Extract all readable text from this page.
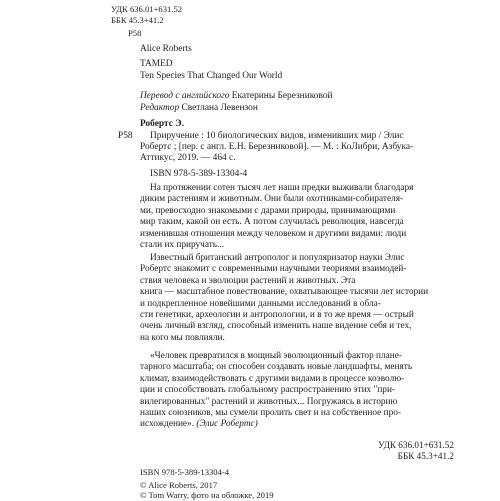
УДК 636.01+631.52
ББК 45.3+41.2
Р58
Alice Roberts
TAMED
Ten Species That Changed Our World
Перевод с английского Екатерины Березниковой
Редактор Светлана Левензон
Робертс Э.
Р58 Приручение : 10 биологических видов, изменивших мир / Элис
Робертс ; [пер. с англ. Е.Н. Березниковой]. — М. : КоЛибри, Азбука-
Аттикус, 2019. — 464 с.
ISBN 978-5-389-13304-4
На протяжении сотен тысяч лет наши предки выживали благодаря
диким растениям и животным. Они были охотниками-собирателя-
ми, превосходно знакомыми с дарами природы, принимающими
мир таким, какой он есть. А потом случилась революция, навсегда
изменившая отношения между человеком и другими видами: люди
стали их приручать...
Известный британский антрополог и популяризатор науки Элис
Робертс знакомит с современными научными теориями взаимодей-
ствия человека и эволюции растений и животных. Эта
книга — масштабное повествование, охватывающее тысячи лет истории
и подкрепленное новейшими данными исследований в обла-
сти генетики, археологии и антропологии, и в то же время — острый
очень личный взгляд, способный изменить наше видение себя и тех,
на кого мы повлияли.
«Человек превратился в мощный эволюционный фактор плане-
тарного масштаба; он способен создавать новые ландшафты, менять
климат, взаимодействовать с другими видами в процессе коэволю-
ции и способствовать глобальному распространению этих "при-
вилегированных" растений и животных... Погружаясь в историю
наших союзников, мы сумели пролить свет и на собственное про-
исхождение». (Элис Робертс)
УДК 636.01+631.52
ББК 45.3+41.2
ISBN 978-5-389-13304-4
© Alice Roberts, 2017
© Tom Warry, фото на обложке, 2019
